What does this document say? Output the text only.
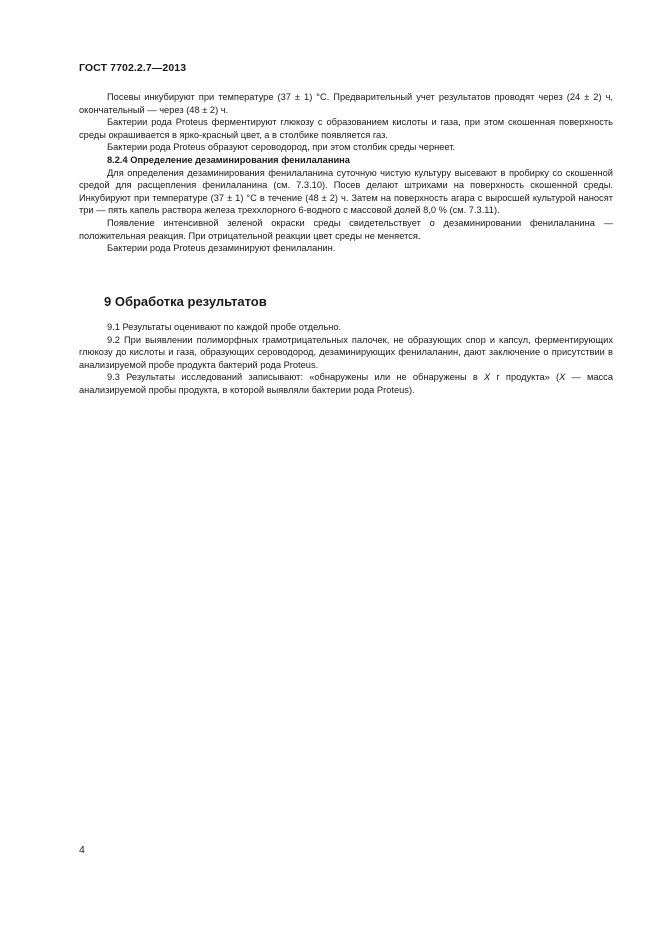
ГОСТ 7702.2.7—2013

Посевы инкубируют при температуре (37 ± 1) °С. Предварительный учет результатов проводят через (24 ± 2) ч, окончательный — через (48 ± 2) ч.

Бактерии рода Proteus ферментируют глюкозу с образованием кислоты и газа, при этом скошенная поверхность среды окрашивается в ярко-красный цвет, а в столбике появляется газ.

Бактерии рода Proteus образуют сероводород, при этом столбик среды чернеет.

8.2.4 Определение дезаминирования фенилаланина

Для определения дезаминирования фенилаланина суточную чистую культуру высевают в пробирку со скошенной средой для расщепления фенилаланина (см. 7.3.10). Посев делают штрихами на поверхность скошенной среды. Инкубируют при температуре (37 ± 1) °С в течение (48 ± 2) ч. Затем на поверхность агара с выросшей культурой наносят три — пять капель раствора железа треххлорного 6-водного с массовой долей 8,0 % (см. 7.3.11).

Появление интенсивной зеленой окраски среды свидетельствует о дезаминировании фенилаланина — положительная реакция. При отрицательной реакции цвет среды не меняется.

Бактерии рода Proteus дезаминируют фенилаланин.

9 Обработка результатов

9.1 Результаты оценивают по каждой пробе отдельно.

9.2 При выявлении полиморфных грамотрицательных палочек, не образующих спор и капсул, ферментирующих глюкозу до кислоты и газа, образующих сероводород, дезаминирующих фенилаланин, дают заключение о присутствии в анализируемой пробе продукта бактерий рода Proteus.

9.3 Результаты исследований записывают: «обнаружены или не обнаружены в X г продукта» (X — масса анализируемой пробы продукта, в которой выявляли бактерии рода Proteus).

4
